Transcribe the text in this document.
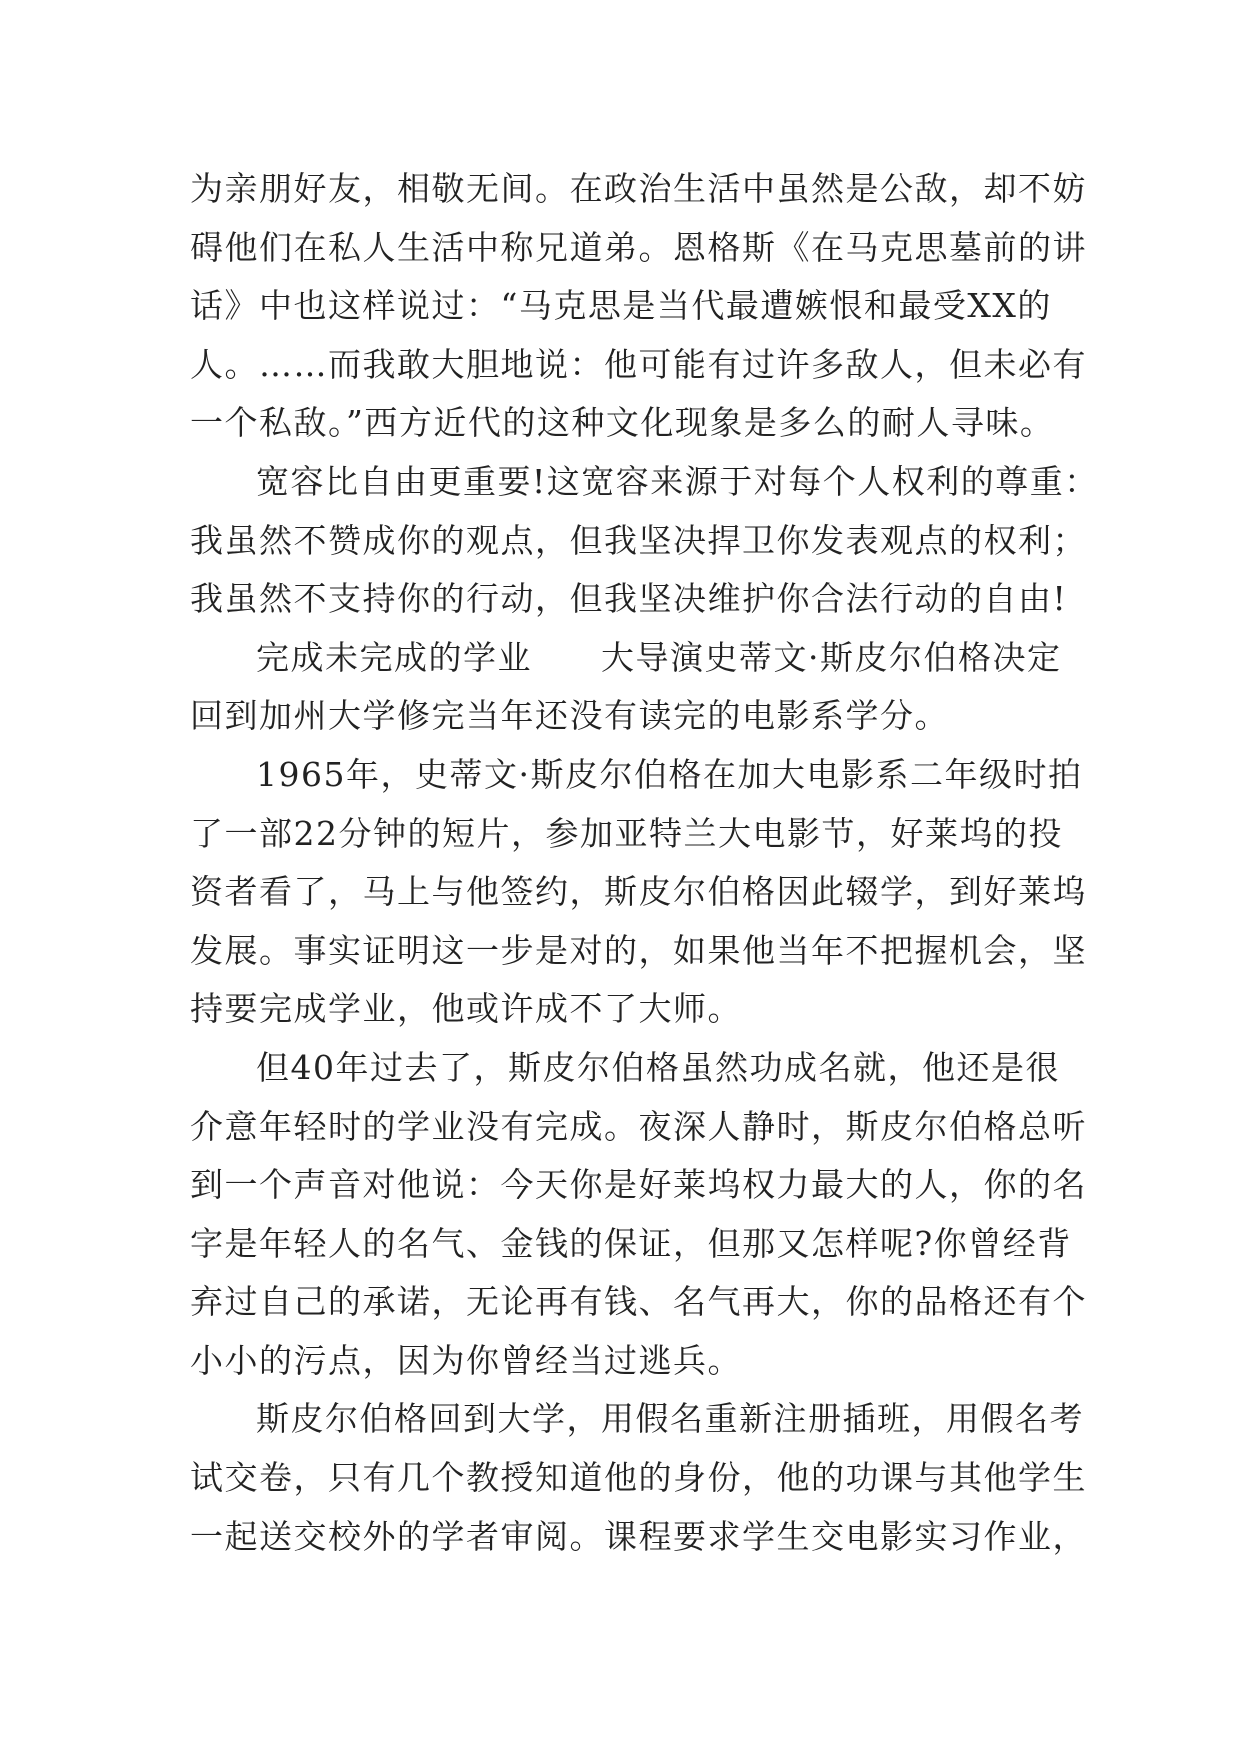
为亲朋好友，相敬无间。在政治生活中虽然是公敌，却不妨
碍他们在私人生活中称兄道弟。恩格斯《在马克思墓前的讲
话》中也这样说过：“马克思是当代最遭嫉恨和最受XX的
人。……而我敢大胆地说：他可能有过许多敌人，但未必有
一个私敌。”西方近代的这种文化现象是多么的耐人寻味。
宽容比自由更重要!这宽容来源于对每个人权利的尊重：
我虽然不赞成你的观点，但我坚决捍卫你发表观点的权利；
我虽然不支持你的行动，但我坚决维护你合法行动的自由!
完成未完成的学业　　大导演史蒂文·斯皮尔伯格决定
回到加州大学修完当年还没有读完的电影系学分。
1965年，史蒂文·斯皮尔伯格在加大电影系二年级时拍
了一部22分钟的短片，参加亚特兰大电影节，好莱坞的投
资者看了，马上与他签约，斯皮尔伯格因此辍学，到好莱坞
发展。事实证明这一步是对的，如果他当年不把握机会，坚
持要完成学业，他或许成不了大师。
但40年过去了，斯皮尔伯格虽然功成名就，他还是很
介意年轻时的学业没有完成。夜深人静时，斯皮尔伯格总听
到一个声音对他说：今天你是好莱坞权力最大的人，你的名
字是年轻人的名气、金钱的保证，但那又怎样呢?你曾经背
弃过自己的承诺，无论再有钱、名气再大，你的品格还有个
小小的污点，因为你曾经当过逃兵。
斯皮尔伯格回到大学，用假名重新注册插班，用假名考
试交卷，只有几个教授知道他的身份，他的功课与其他学生
一起送交校外的学者审阅。课程要求学生交电影实习作业，
